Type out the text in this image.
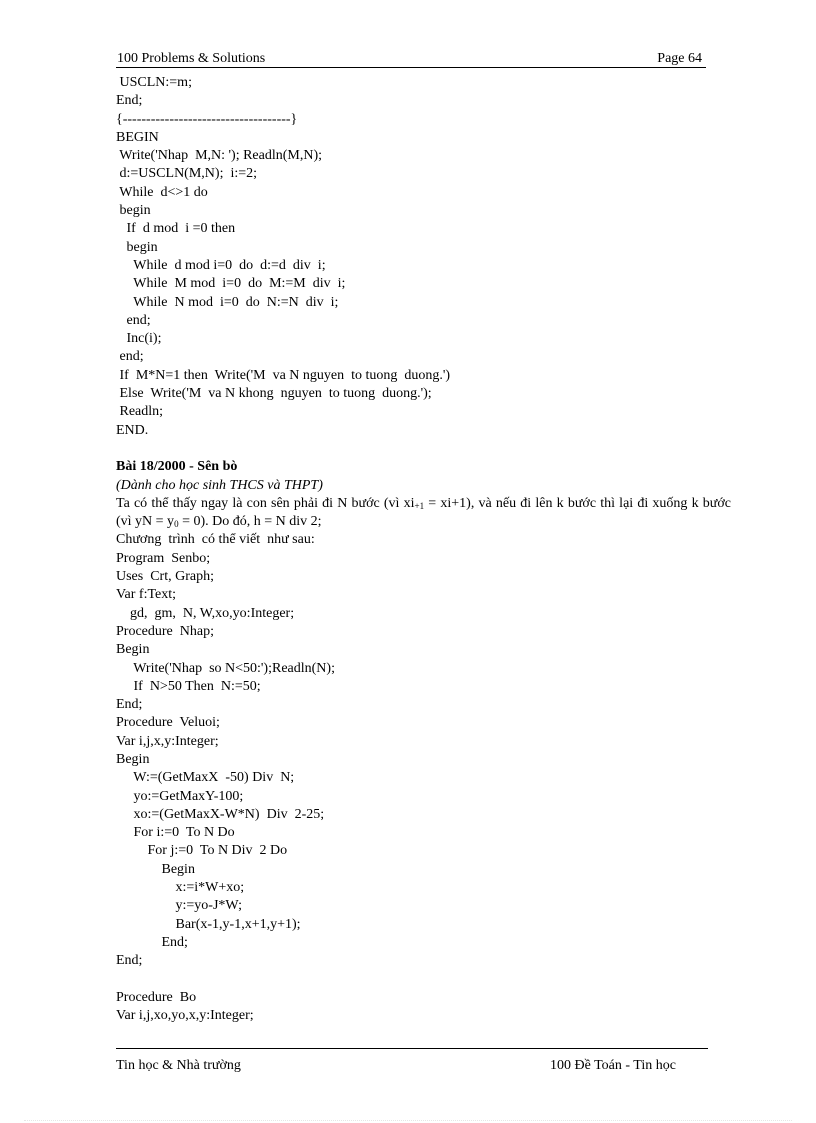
100 Problems & Solutions	Page 64
USCLN:=m;
End;
{------------------------------------}
BEGIN
Write('Nhap  M,N: '); Readln(M,N);
d:=USCLN(M,N);  i:=2;
While  d<>1 do
begin
If  d mod  i =0 then
begin
While  d mod i=0  do  d:=d  div  i;
While  M mod  i=0  do  M:=M  div  i;
While  N mod  i=0  do  N:=N  div  i;
end;
Inc(i);
end;
If  M*N=1 then  Write('M  va N nguyen  to tuong  duong.')
Else  Write('M  va N khong  nguyen  to tuong  duong.');
Readln;
END.
Bài 18/2000 - Sên bò
(Dành cho học sinh THCS và THPT)
Ta có thể thấy ngay là con sên phải đi N bước (vì $xi_{+1} = xi+1$), và nếu đi lên k bước thì lại đi xuống k bước (vì yN = $y_0 = 0$). Do đó, h = N div 2;
Chương  trình  có thể viết  như sau:
Program  Senbo;
Uses  Crt, Graph;
Var f:Text;
gd,  gm,  N, W,xo,yo:Integer;
Procedure  Nhap;
Begin
Write('Nhap  so N<50:');Readln(N);
If  N>50 Then  N:=50;
End;
Procedure  Veluoi;
Var i,j,x,y:Integer;
Begin
W:=(GetMaxX  -50) Div  N;
yo:=GetMaxY-100;
xo:=(GetMaxX-W*N)  Div  2-25;
For i:=0  To N Do
For j:=0  To N Div  2 Do
Begin
x:=i*W+xo;
y:=yo-J*W;
Bar(x-1,y-1,x+1,y+1);
End;
End;
Procedure  Bo
Var i,j,xo,yo,x,y:Integer;
Tin học & Nhà trường	100 Đề Toán - Tin học
